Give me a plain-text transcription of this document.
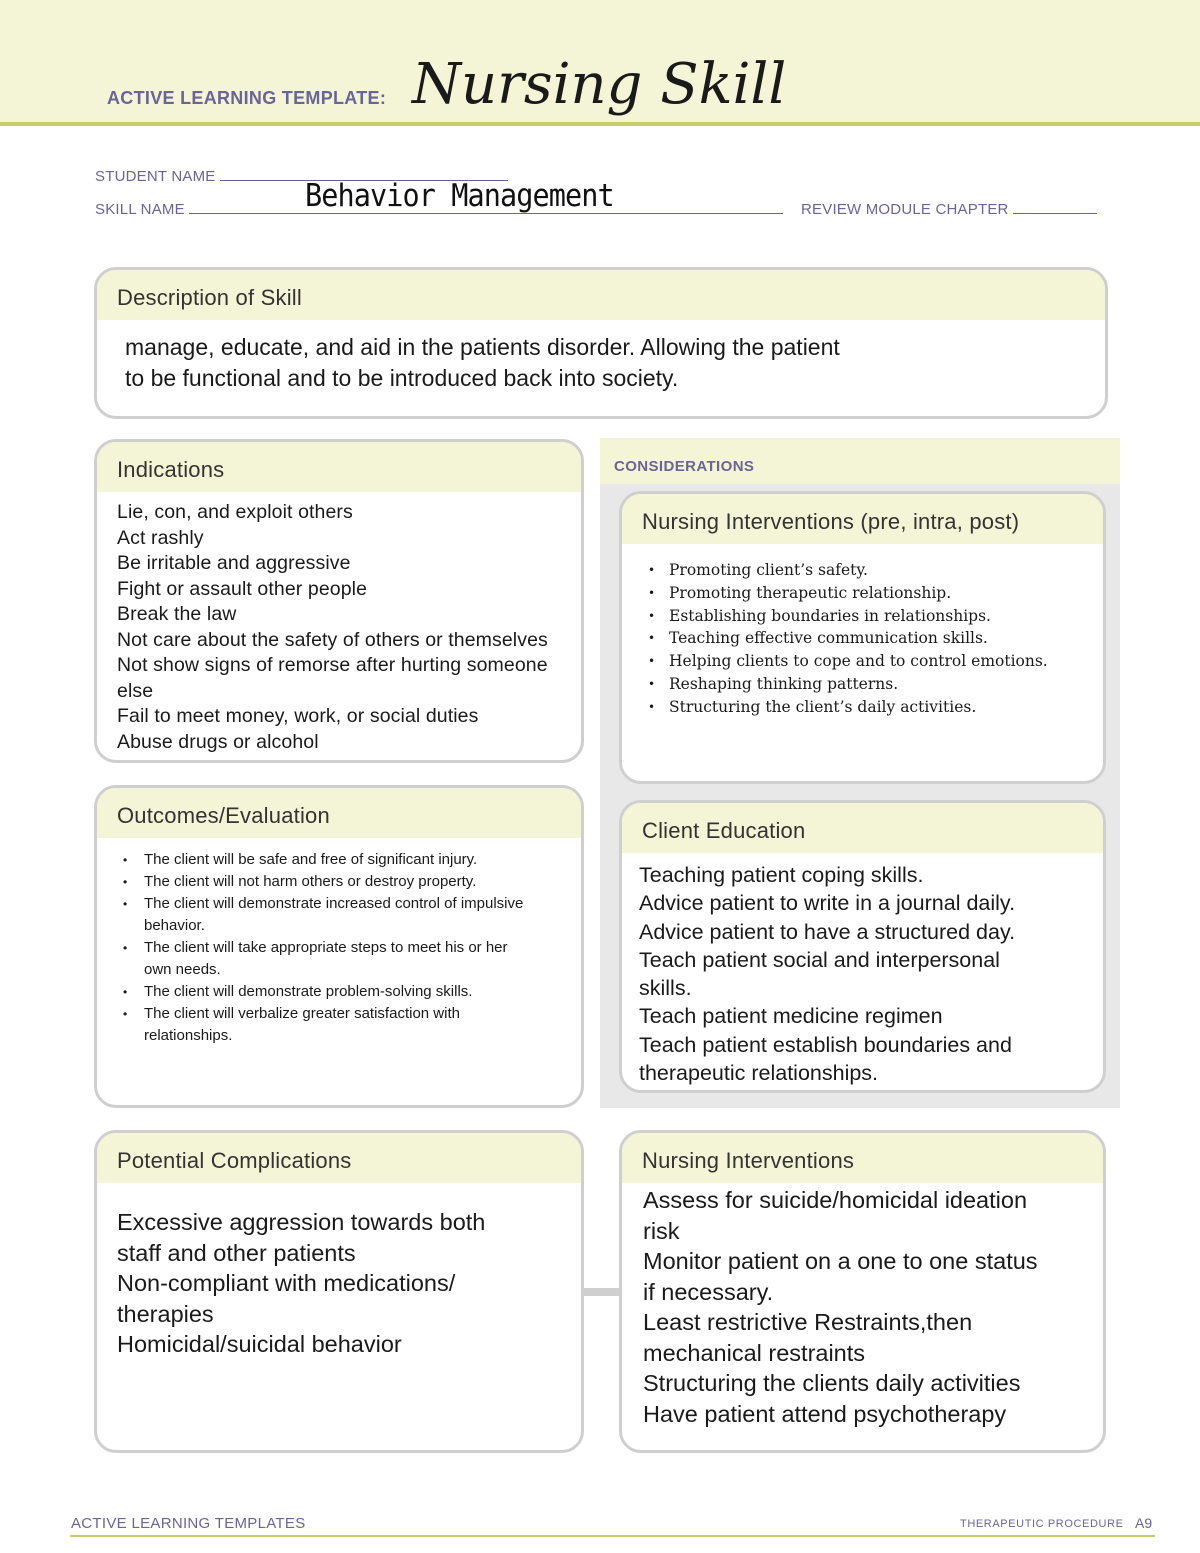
ACTIVE LEARNING TEMPLATE: Nursing Skill
STUDENT NAME
SKILL NAME	Behavior Management	REVIEW MODULE CHAPTER
Description of Skill
manage, educate, and aid in the patients disorder. Allowing the patient
to be functional and to be introduced back into society.
CONSIDERATIONS
Indications
Lie, con, and exploit others
Act rashly
Be irritable and aggressive
Fight or assault other people
Break the law
Not care about the safety of others or themselves
Not show signs of remorse after hurting someone
else
Fail to meet money, work, or social duties
Abuse drugs or alcohol
Nursing Interventions (pre, intra, post)
• Promoting client’s safety.
• Promoting therapeutic relationship.
• Establishing boundaries in relationships.
• Teaching effective communication skills.
• Helping clients to cope and to control emotions.
• Reshaping thinking patterns.
• Structuring the client’s daily activities.
Outcomes/Evaluation
• The client will be safe and free of significant injury.
• The client will not harm others or destroy property.
• The client will demonstrate increased control of impulsive behavior.
• The client will take appropriate steps to meet his or her own needs.
• The client will demonstrate problem-solving skills.
• The client will verbalize greater satisfaction with relationships.
Client Education
Teaching patient coping skills.
Advice patient to write in a journal daily.
Advice patient to have a structured day.
Teach patient social and interpersonal
skills.
Teach patient medicine regimen
Teach patient establish boundaries and
therapeutic relationships.
Potential Complications
Excessive aggression towards both
staff and other patients
Non-compliant with medications/
therapies
Homicidal/suicidal behavior
Nursing Interventions
Assess for suicide/homicidal ideation
risk
Monitor patient on a one to one status
if necessary.
Least restrictive Restraints,then
mechanical restraints
Structuring the clients daily activities
Have patient attend psychotherapy
ACTIVE LEARNING TEMPLATES	THERAPEUTIC PROCEDURE A9
